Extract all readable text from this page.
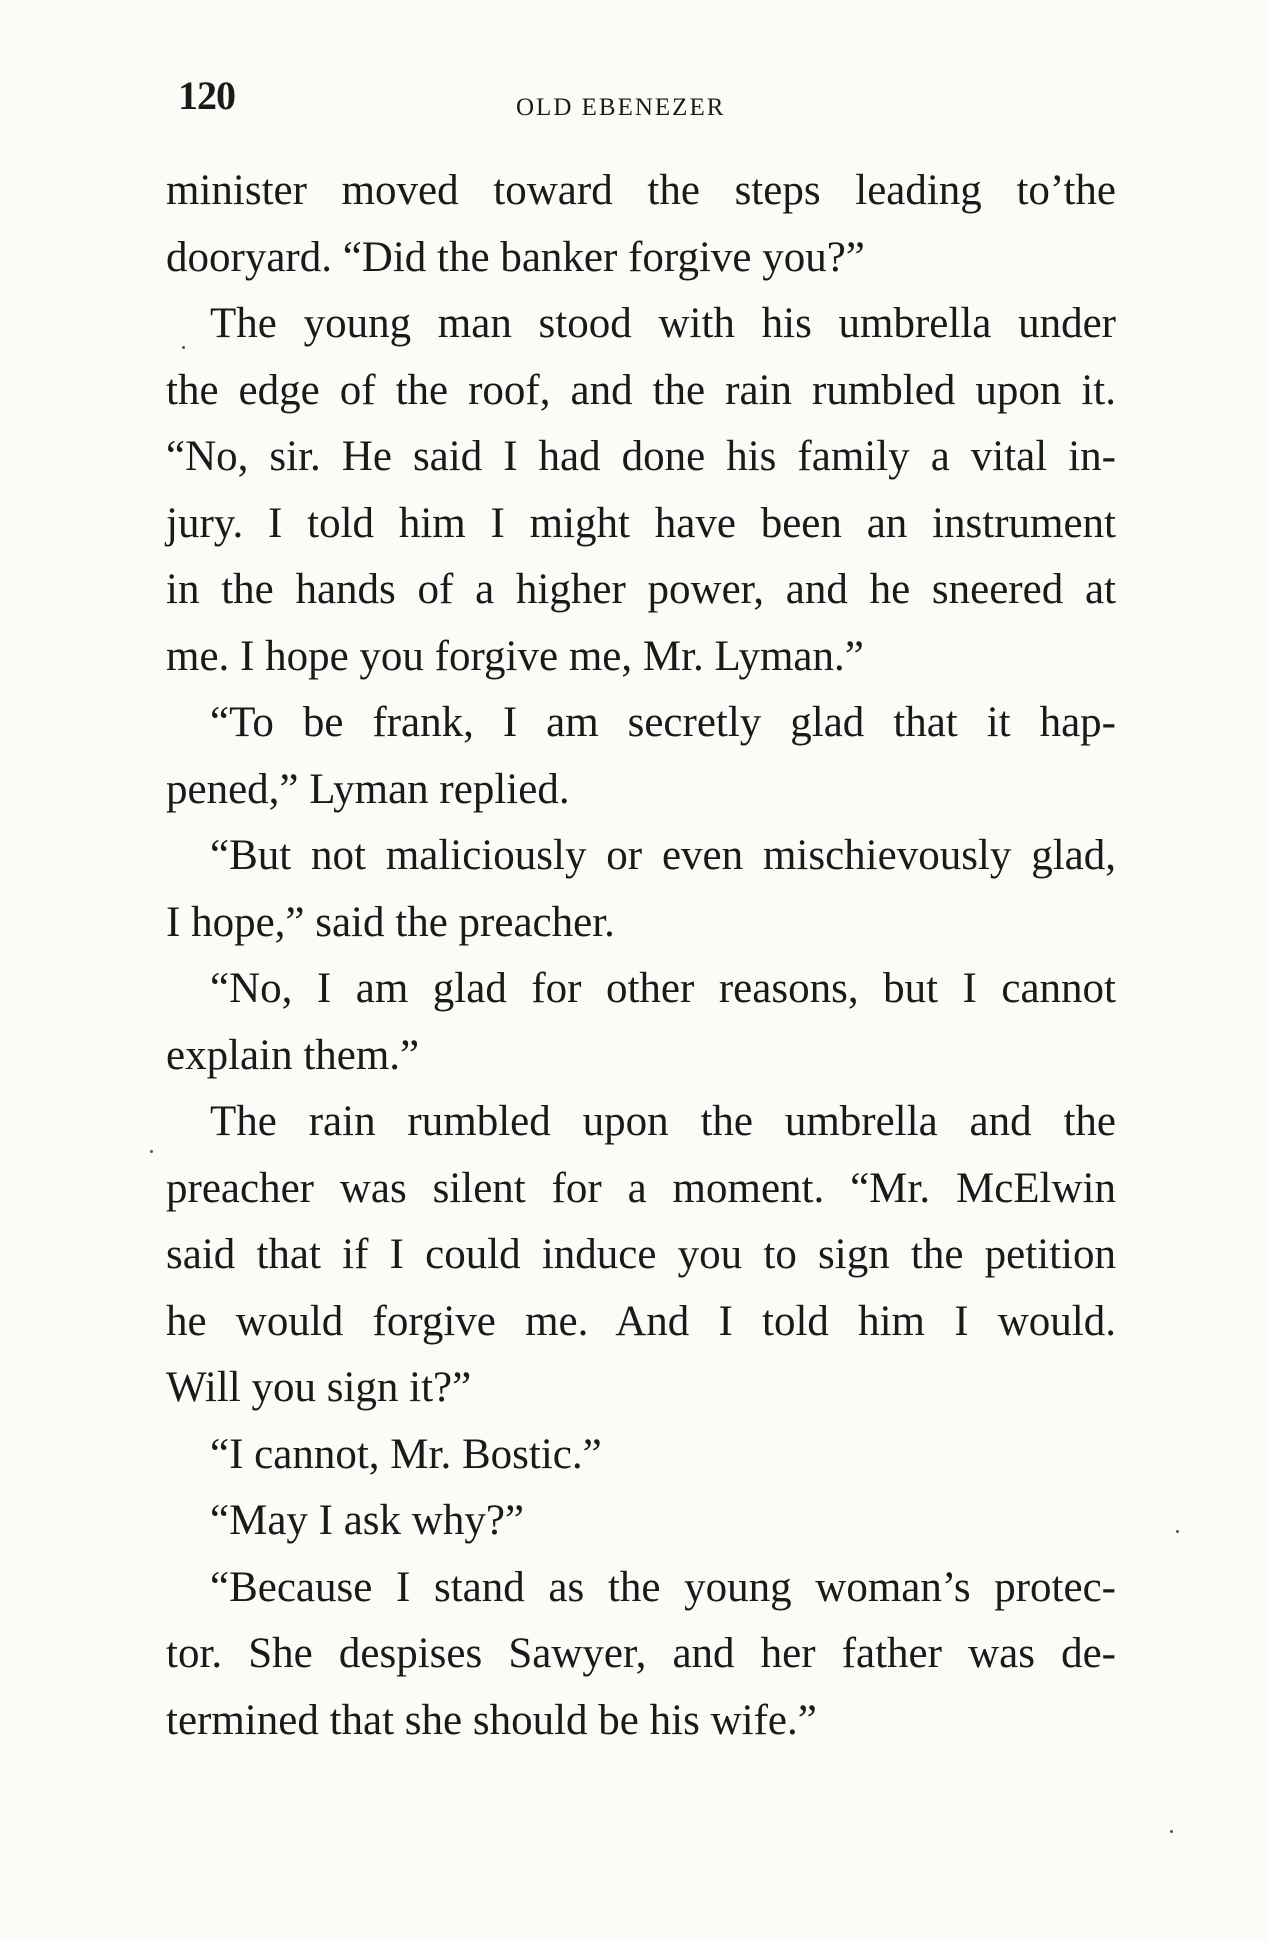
120	OLD EBENEZER
minister moved toward the steps leading to’the
dooryard. “Did the banker forgive you?”
The young man stood with his umbrella under
the edge of the roof, and the rain rumbled upon it.
“No, sir. He said I had done his family a vital in-
jury. I told him I might have been an instrument
in the hands of a higher power, and he sneered at
me. I hope you forgive me, Mr. Lyman.”
“To be frank, I am secretly glad that it hap-
pened,” Lyman replied.
“But not maliciously or even mischievously glad,
I hope,” said the preacher.
“No, I am glad for other reasons, but I cannot
explain them.”
The rain rumbled upon the umbrella and the
preacher was silent for a moment. “Mr. McElwin
said that if I could induce you to sign the petition
he would forgive me. And I told him I would.
Will you sign it?”
“I cannot, Mr. Bostic.”
“May I ask why?”
“Because I stand as the young woman’s protec-
tor. She despises Sawyer, and her father was de-
termined that she should be his wife.”
